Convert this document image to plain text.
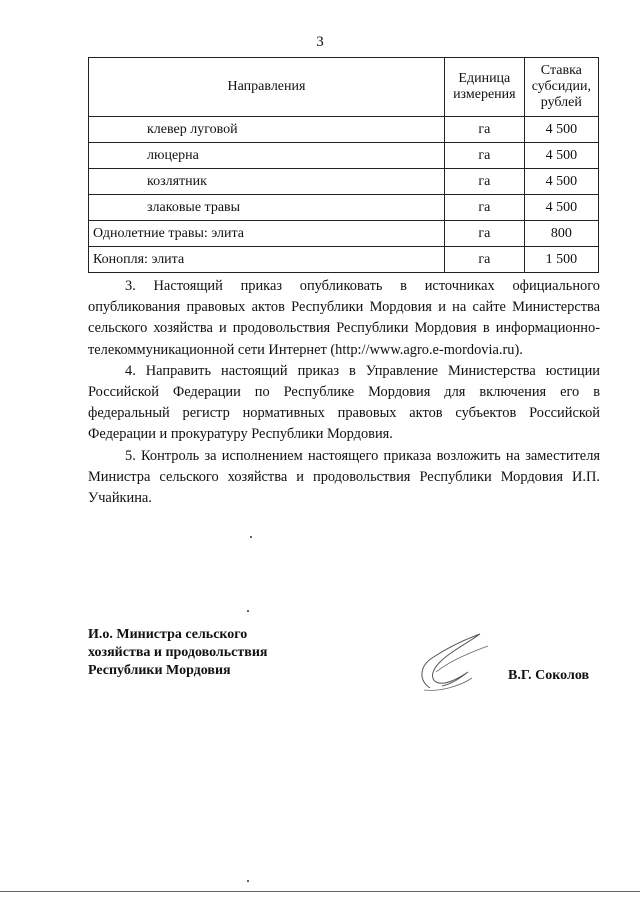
3
Направления	Единица измерения	Ставка субсидии, рублей
клевер луговой	га	4 500
люцерна	га	4 500
козлятник	га	4 500
злаковые травы	га	4 500
Однолетние травы: элита	га	800
Конопля: элита	га	1 500

3. Настоящий приказ опубликовать в источниках официального опубликования правовых актов Республики Мордовия и на сайте Министерства сельского хозяйства и продовольствия Республики Мордовия в информационно-телекоммуникационной сети Интернет (http://www.agro.e-mordovia.ru).

4. Направить настоящий приказ в Управление Министерства юстиции Российской Федерации по Республике Мордовия для включения его в федеральный регистр нормативных правовых актов субъектов Российской Федерации и прокуратуру Республики Мордовия.

5. Контроль за исполнением настоящего приказа возложить на заместителя Министра сельского хозяйства и продовольствия Республики Мордовия И.П. Учайкина.

И.о. Министра сельского
хозяйства и продовольствия
Республики Мордовия	В.Г. Соколов
